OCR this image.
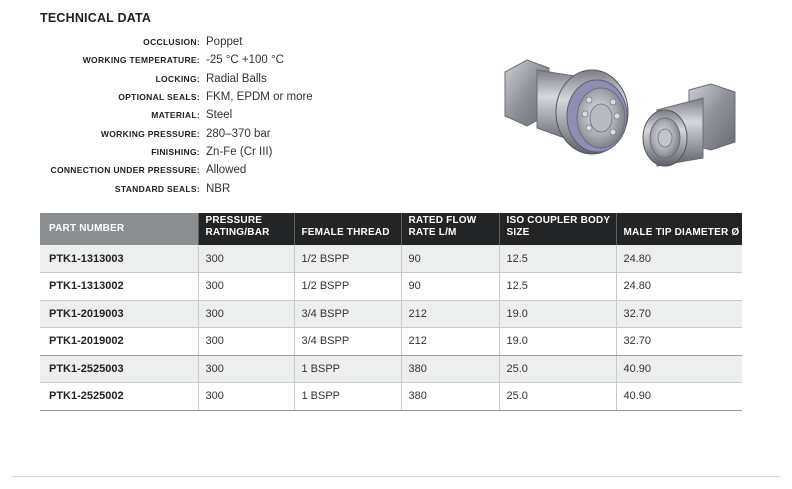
TECHNICAL DATA
OCCLUSION: Poppet
WORKING TEMPERATURE: -25 °C +100 °C
LOCKING: Radial Balls
OPTIONAL SEALS: FKM, EPDM or more
MATERIAL: Steel
WORKING PRESSURE: 280–370 bar
FINISHING: Zn-Fe (Cr III)
CONNECTION UNDER PRESSURE: Allowed
STANDARD SEALS: NBR
PART NUMBER	PRESSURE RATING/BAR	FEMALE THREAD	RATED FLOW RATE L/M	ISO COUPLER BODY SIZE	MALE TIP DIAMETER Ø
PTK1-1313003	300	1/2 BSPP	90	12.5	24.80
PTK1-1313002	300	1/2 BSPP	90	12.5	24.80
PTK1-2019003	300	3/4 BSPP	212	19.0	32.70
PTK1-2019002	300	3/4 BSPP	212	19.0	32.70
PTK1-2525003	300	1 BSPP	380	25.0	40.90
PTK1-2525002	300	1 BSPP	380	25.0	40.90
